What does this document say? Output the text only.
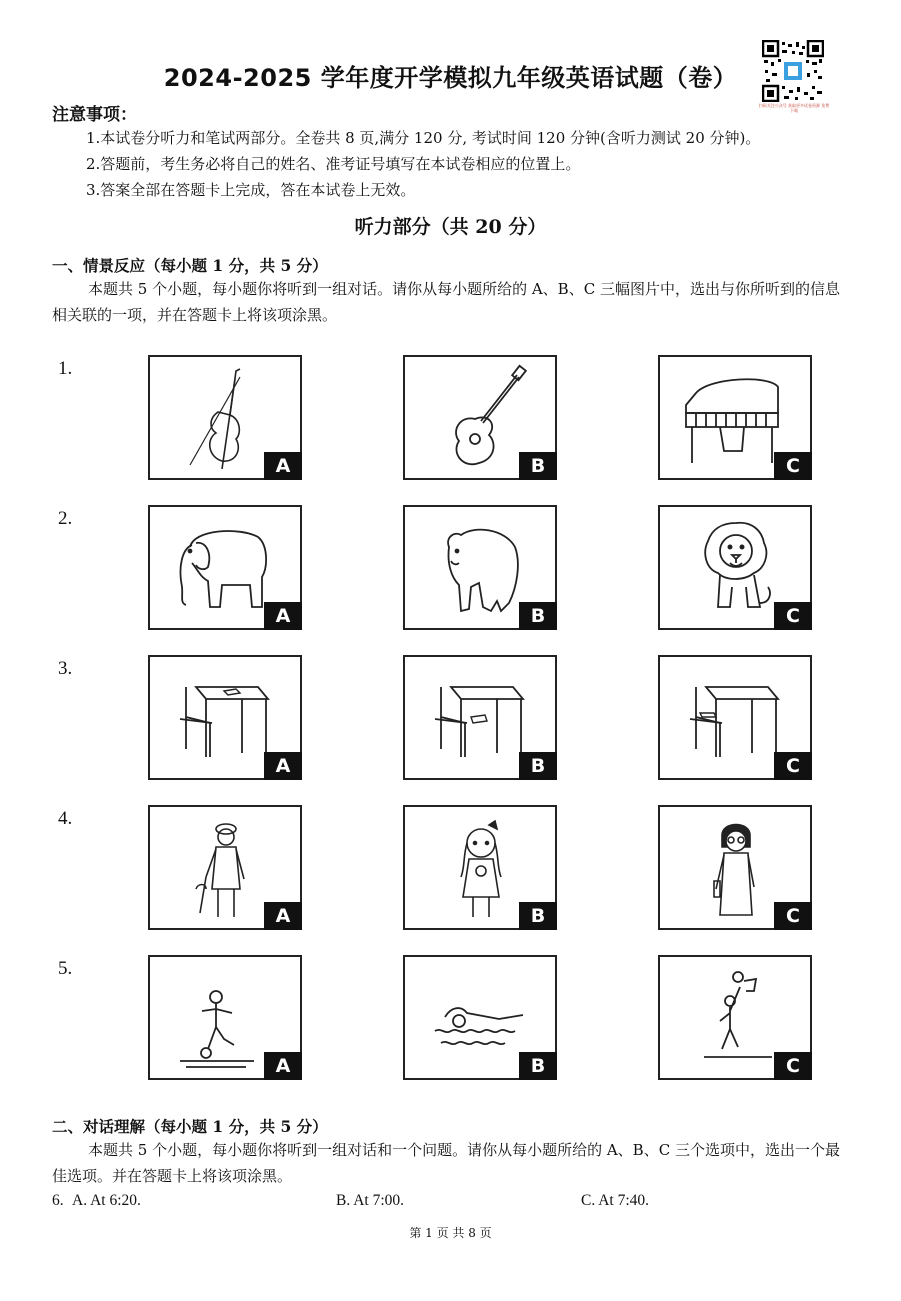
2024-2025 学年度开学模拟九年级英语试题（卷）
扫码关注公众号 获取更多试卷资源 免费下载
注意事项：
1.本试卷分听力和笔试两部分。全卷共 8 页,满分 120 分, 考试时间 120 分钟(含听力测试 20 分钟)。
2.答题前，考生务必将自己的姓名、准考证号填写在本试卷相应的位置上。
3.答案全部在答题卡上完成，答在本试卷上无效。
听力部分（共 20 分）
一、情景反应（每小题 1 分，共 5 分）
本题共 5 个小题，每小题你将听到一组对话。请你从每小题所给的 A、B、C 三幅图片中，选出与你所听到的信息相关联的一项，并在答题卡上将该项涂黑。
1.
A	B	C
2.
A	B	C
3.
A	B	C
4.
A	B	C
5.
A	B	C
二、对话理解（每小题 1 分，共 5 分）
本题共 5 个小题，每小题你将听到一组对话和一个问题。请你从每小题所给的 A、B、C 三个选项中，选出一个最佳选项。并在答题卡上将该项涂黑。
6. A. At 6:20.	B. At 7:00.	C. At 7:40.
第 1 页 共 8 页
